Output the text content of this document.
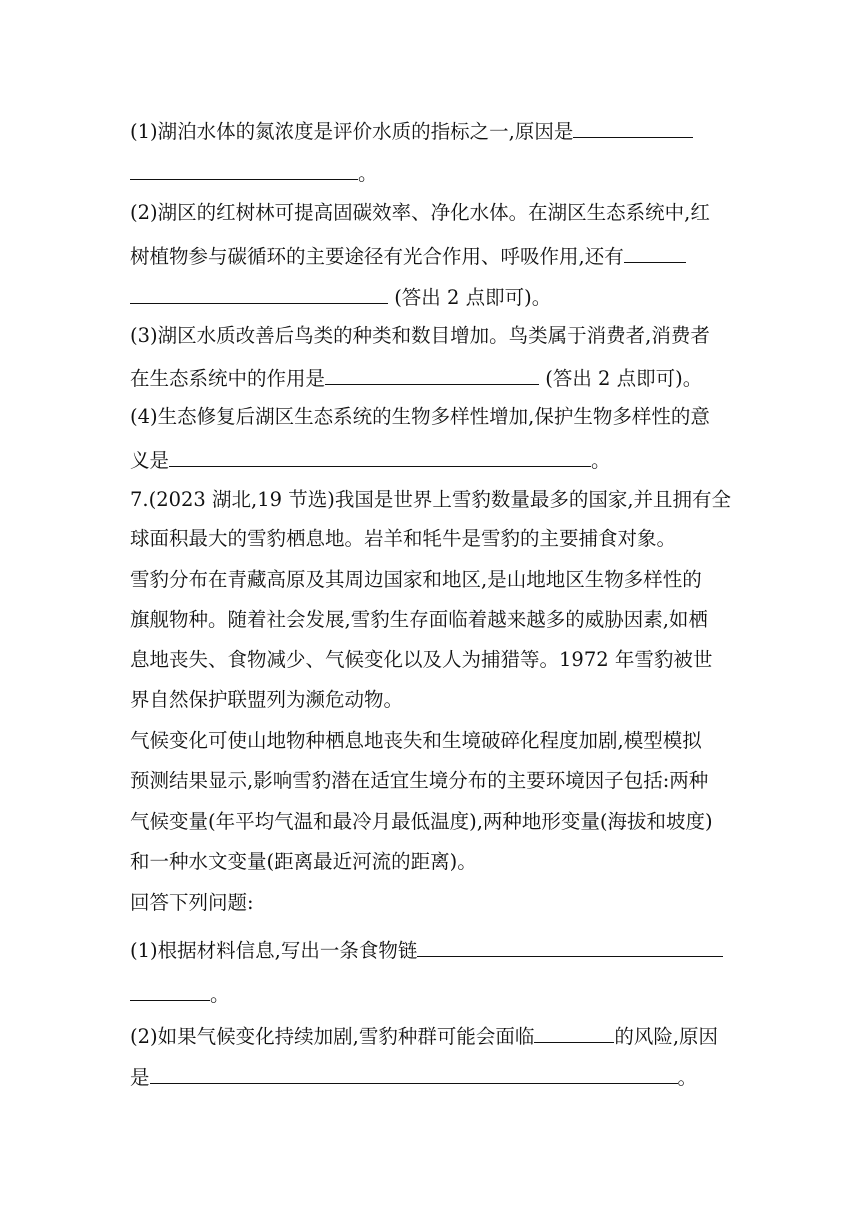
(1)湖泊水体的氮浓度是评价水质的指标之一,原因是
。
(2)湖区的红树林可提高固碳效率、净化水体。在湖区生态系统中,红
树植物参与碳循环的主要途径有光合作用、呼吸作用,还有
(答出 2 点即可)。
(3)湖区水质改善后鸟类的种类和数目增加。鸟类属于消费者,消费者
在生态系统中的作用是	(答出 2 点即可)。
(4)生态修复后湖区生态系统的生物多样性增加,保护生物多样性的意
义是	。
7.(2023 湖北,19 节选)我国是世界上雪豹数量最多的国家,并且拥有全
球面积最大的雪豹栖息地。岩羊和牦牛是雪豹的主要捕食对象。
雪豹分布在青藏高原及其周边国家和地区,是山地地区生物多样性的
旗舰物种。随着社会发展,雪豹生存面临着越来越多的威胁因素,如栖
息地丧失、食物减少、气候变化以及人为捕猎等。1972 年雪豹被世
界自然保护联盟列为濒危动物。
气候变化可使山地物种栖息地丧失和生境破碎化程度加剧,模型模拟
预测结果显示,影响雪豹潜在适宜生境分布的主要环境因子包括:两种
气候变量(年平均气温和最冷月最低温度),两种地形变量(海拔和坡度)
和一种水文变量(距离最近河流的距离)。
回答下列问题:
(1)根据材料信息,写出一条食物链
。
(2)如果气候变化持续加剧,雪豹种群可能会面临	的风险,原因
是	。
